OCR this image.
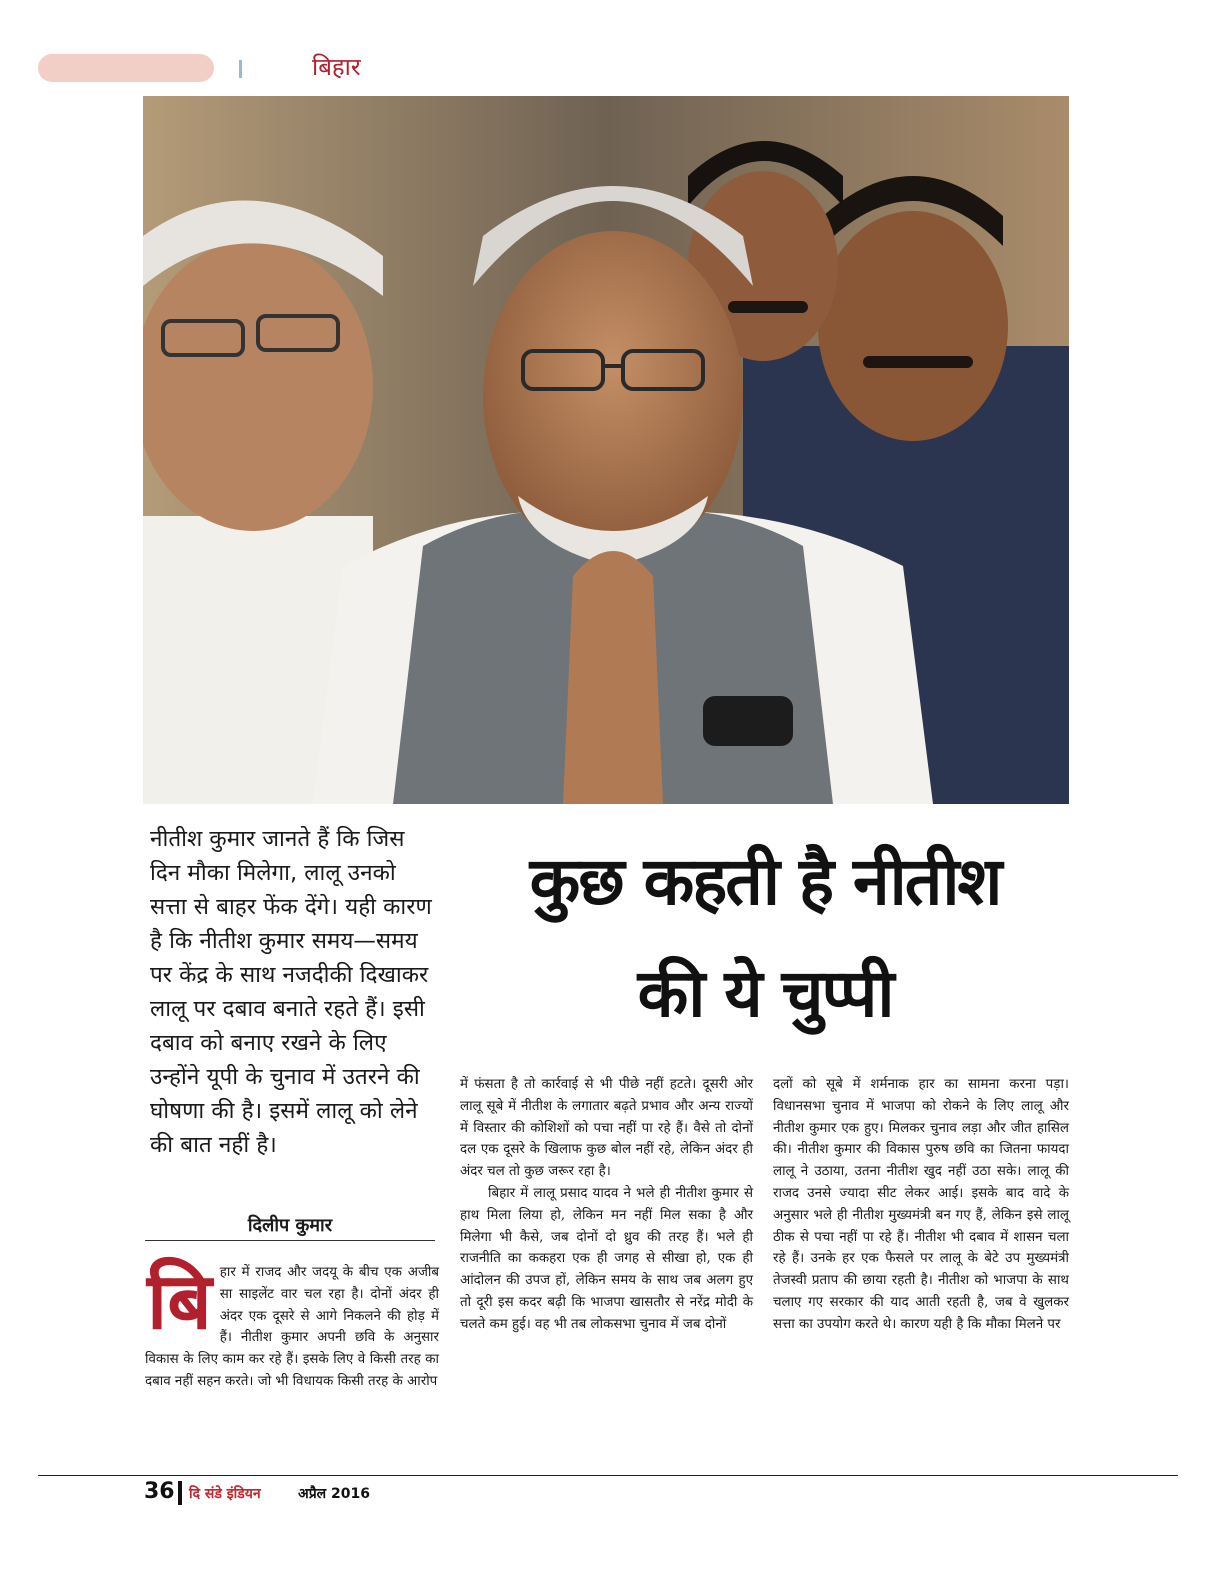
बिहार
नीतीश कुमार जानते हैं कि जिस दिन मौका मिलेगा, लालू उनको सत्ता से बाहर फेंक देंगे। यही कारण है कि नीतीश कुमार समय—समय पर केंद्र के साथ नजदीकी दिखाकर लालू पर दबाव बनाते रहते हैं। इसी दबाव को बनाए रखने के लिए उन्होंने यूपी के चुनाव में उतरने की घोषणा की है। इसमें लालू को लेने की बात नहीं है।
कुछ कहती है नीतीश
की ये चुप्पी
दिलीप कुमार
बि हार में राजद और जदयू के बीच एक अजीब सा साइलेंट वार चल रहा है। दोनों अंदर ही अंदर एक दूसरे से आगे निकलने की होड़ में हैं। नीतीश कुमार अपनी छवि के अनुसार विकास के लिए काम कर रहे हैं। इसके लिए वे किसी तरह का दबाव नहीं सहन करते। जो भी विधायक किसी तरह के आरोप
में फंसता है तो कार्रवाई से भी पीछे नहीं हटते। दूसरी ओर लालू सूबे में नीतीश के लगातार बढ़ते प्रभाव और अन्य राज्यों में विस्तार की कोशिशों को पचा नहीं पा रहे हैं। वैसे तो दोनों दल एक दूसरे के खिलाफ कुछ बोल नहीं रहे, लेकिन अंदर ही अंदर चल तो कुछ जरूर रहा है।
बिहार में लालू प्रसाद यादव ने भले ही नीतीश कुमार से हाथ मिला लिया हो, लेकिन मन नहीं मिल सका है और मिलेगा भी कैसे, जब दोनों दो ध्रुव की तरह हैं। भले ही राजनीति का ककहरा एक ही जगह से सीखा हो, एक ही आंदोलन की उपज हों, लेकिन समय के साथ जब अलग हुए तो दूरी इस कदर बढ़ी कि भाजपा खासतौर से नरेंद्र मोदी के चलते कम हुई। वह भी तब लोकसभा चुनाव में जब दोनों
दलों को सूबे में शर्मनाक हार का सामना करना पड़ा। विधानसभा चुनाव में भाजपा को रोकने के लिए लालू और नीतीश कुमार एक हुए। मिलकर चुनाव लड़ा और जीत हासिल की। नीतीश कुमार की विकास पुरुष छवि का जितना फायदा लालू ने उठाया, उतना नीतीश खुद नहीं उठा सके। लालू की राजद उनसे ज्यादा सीट लेकर आई। इसके बाद वादे के अनुसार भले ही नीतीश मुख्यमंत्री बन गए हैं, लेकिन इसे लालू ठीक से पचा नहीं पा रहे हैं। नीतीश भी दबाव में शासन चला रहे हैं। उनके हर एक फैसले पर लालू के बेटे उप मुख्यमंत्री तेजस्वी प्रताप की छाया रहती है। नीतीश को भाजपा के साथ चलाए गए सरकार की याद आती रहती है, जब वे खुलकर सत्ता का उपयोग करते थे। कारण यही है कि मौका मिलने पर
36 दि संडे इंडियन	अप्रैल 2016
